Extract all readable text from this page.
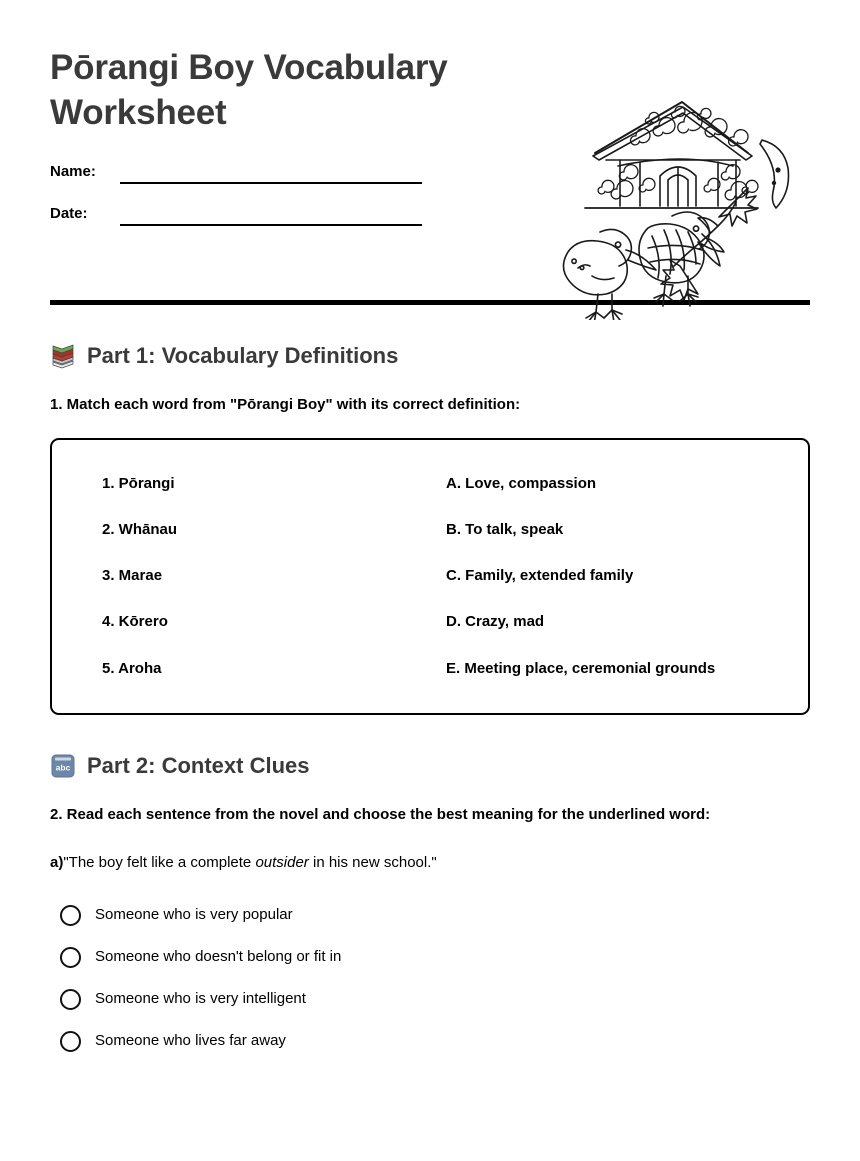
Pōrangi Boy Vocabulary Worksheet
Name:
Date:
Part 1: Vocabulary Definitions

1. Match each word from "Pōrangi Boy" with its correct definition:

1. Pōrangi
2. Whānau
3. Marae
4. Kōrero
5. Aroha
A. Love, compassion
B. To talk, speak
C. Family, extended family
D. Crazy, mad
E. Meeting place, ceremonial grounds
abc Part 2: Context Clues

2. Read each sentence from the novel and choose the best meaning for the underlined word:

a)"The boy felt like a complete outsider in his new school."

Someone who is very popular
Someone who doesn't belong or fit in
Someone who is very intelligent
Someone who lives far away
